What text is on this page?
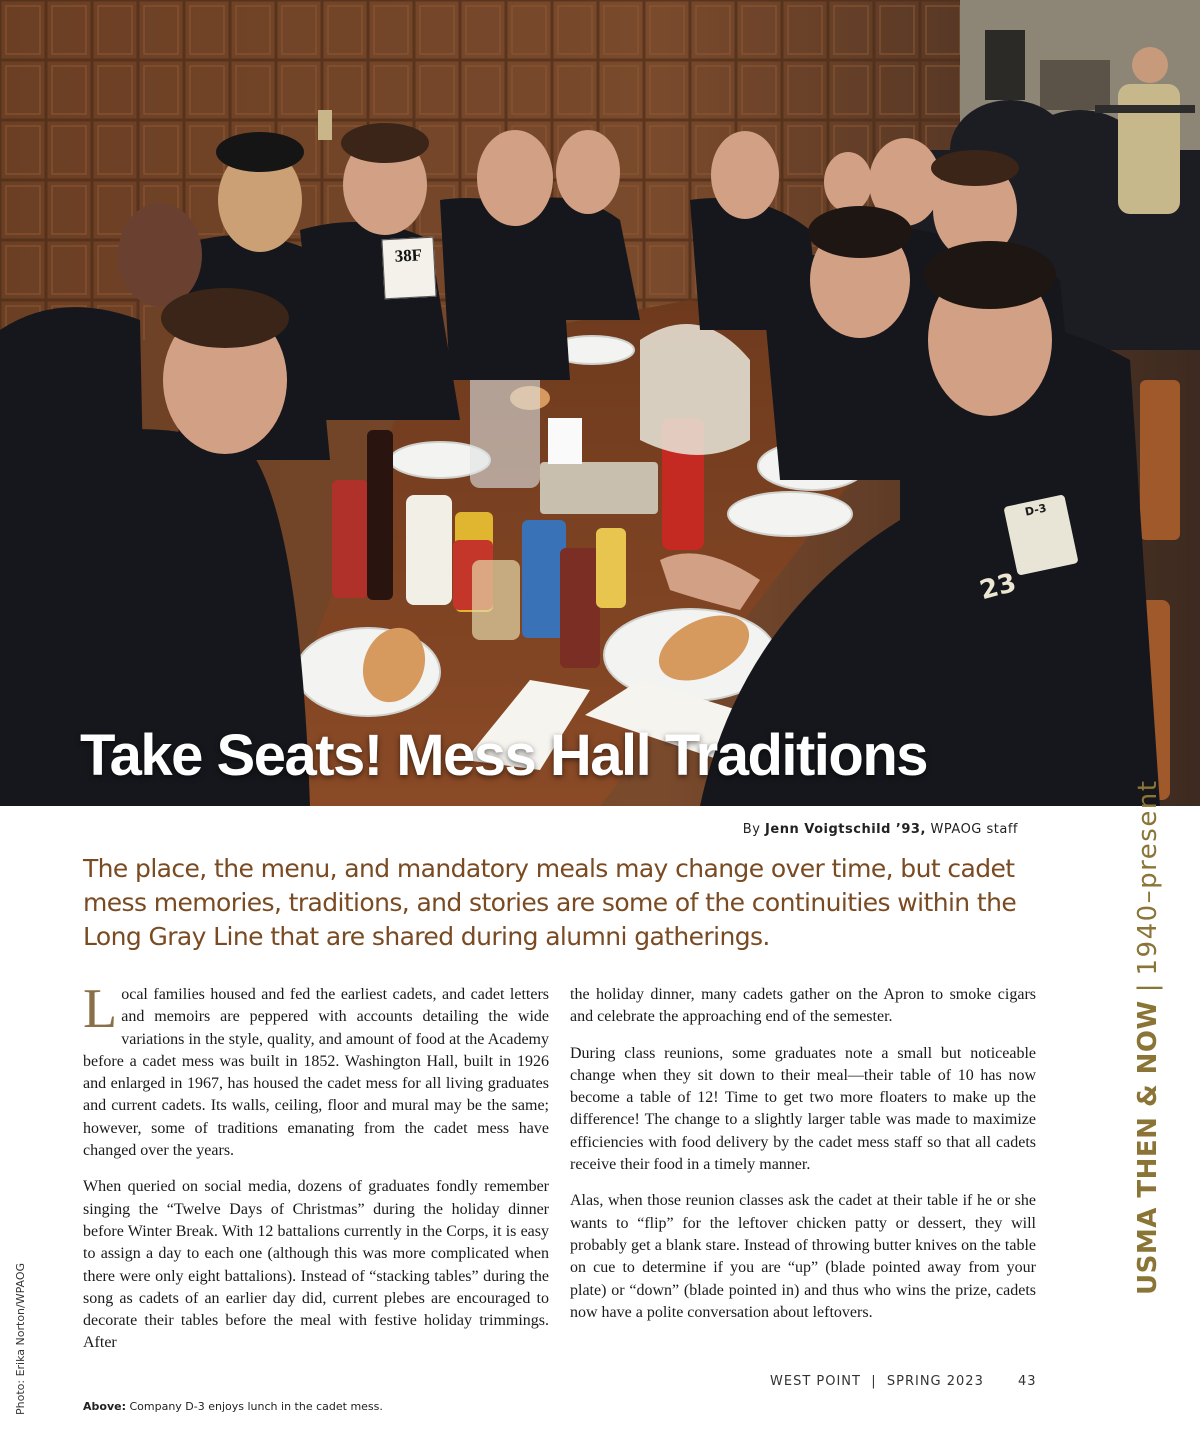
38F
D-3
23
Take Seats! Mess Hall Traditions

By Jenn Voigtschild ’93, WPAOG staff

The place, the menu, and mandatory meals may change over time, but cadet mess memories, traditions, and stories are some of the continuities within the Long Gray Line that are shared during alumni gatherings.

Local families housed and fed the earliest cadets, and cadet letters and memoirs are peppered with accounts detailing the wide variations in the style, quality, and amount of food at the Academy before a cadet mess was built in 1852. Washington Hall, built in 1926 and enlarged in 1967, has housed the cadet mess for all living graduates and current cadets. Its walls, ceiling, floor and mural may be the same; however, some of traditions emanating from the cadet mess have changed over the years.

When queried on social media, dozens of graduates fondly remember singing the “Twelve Days of Christmas” during the holiday dinner before Winter Break. With 12 battalions currently in the Corps, it is easy to assign a day to each one (although this was more complicated when there were only eight battalions). Instead of “stacking tables” during the song as cadets of an earlier day did, current plebes are encouraged to decorate their tables before the meal with festive holiday trimmings. After

the holiday dinner, many cadets gather on the Apron to smoke cigars and celebrate the approaching end of the semester.

During class reunions, some graduates note a small but noticeable change when they sit down to their meal—their table of 10 has now become a table of 12! Time to get two more floaters to make up the difference! The change to a slightly larger table was made to maximize efficiencies with food delivery by the cadet mess staff so that all cadets receive their food in a timely manner.

Alas, when those reunion classes ask the cadet at their table if he or she wants to “flip” for the leftover chicken patty or dessert, they will probably get a blank stare. Instead of throwing butter knives on the table on cue to determine if you are “up” (blade pointed away from your plate) or “down” (blade pointed in) and thus who wins the prize, cadets now have a polite conversation about leftovers.

Above: Company D-3 enjoys lunch in the cadet mess.

Photo: Erika Norton/WPAOG

USMA THEN & NOW|1940–present

WEST POINT  |  SPRING 2023	43
